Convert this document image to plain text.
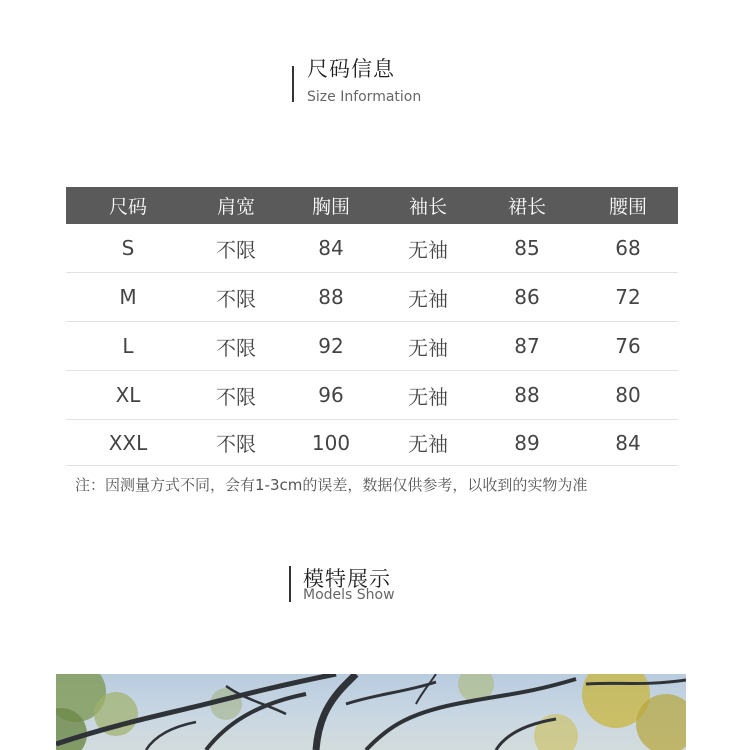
尺码信息
Size Information
尺码	肩宽	胸围	袖长	裙长	腰围
S	不限	84	无袖	85	68
M	不限	88	无袖	86	72
L	不限	92	无袖	87	76
XL	不限	96	无袖	88	80
XXL	不限	100	无袖	89	84
注：因测量方式不同，会有1-3cm的误差，数据仅供参考，以收到的实物为准
模特展示
Models Show
